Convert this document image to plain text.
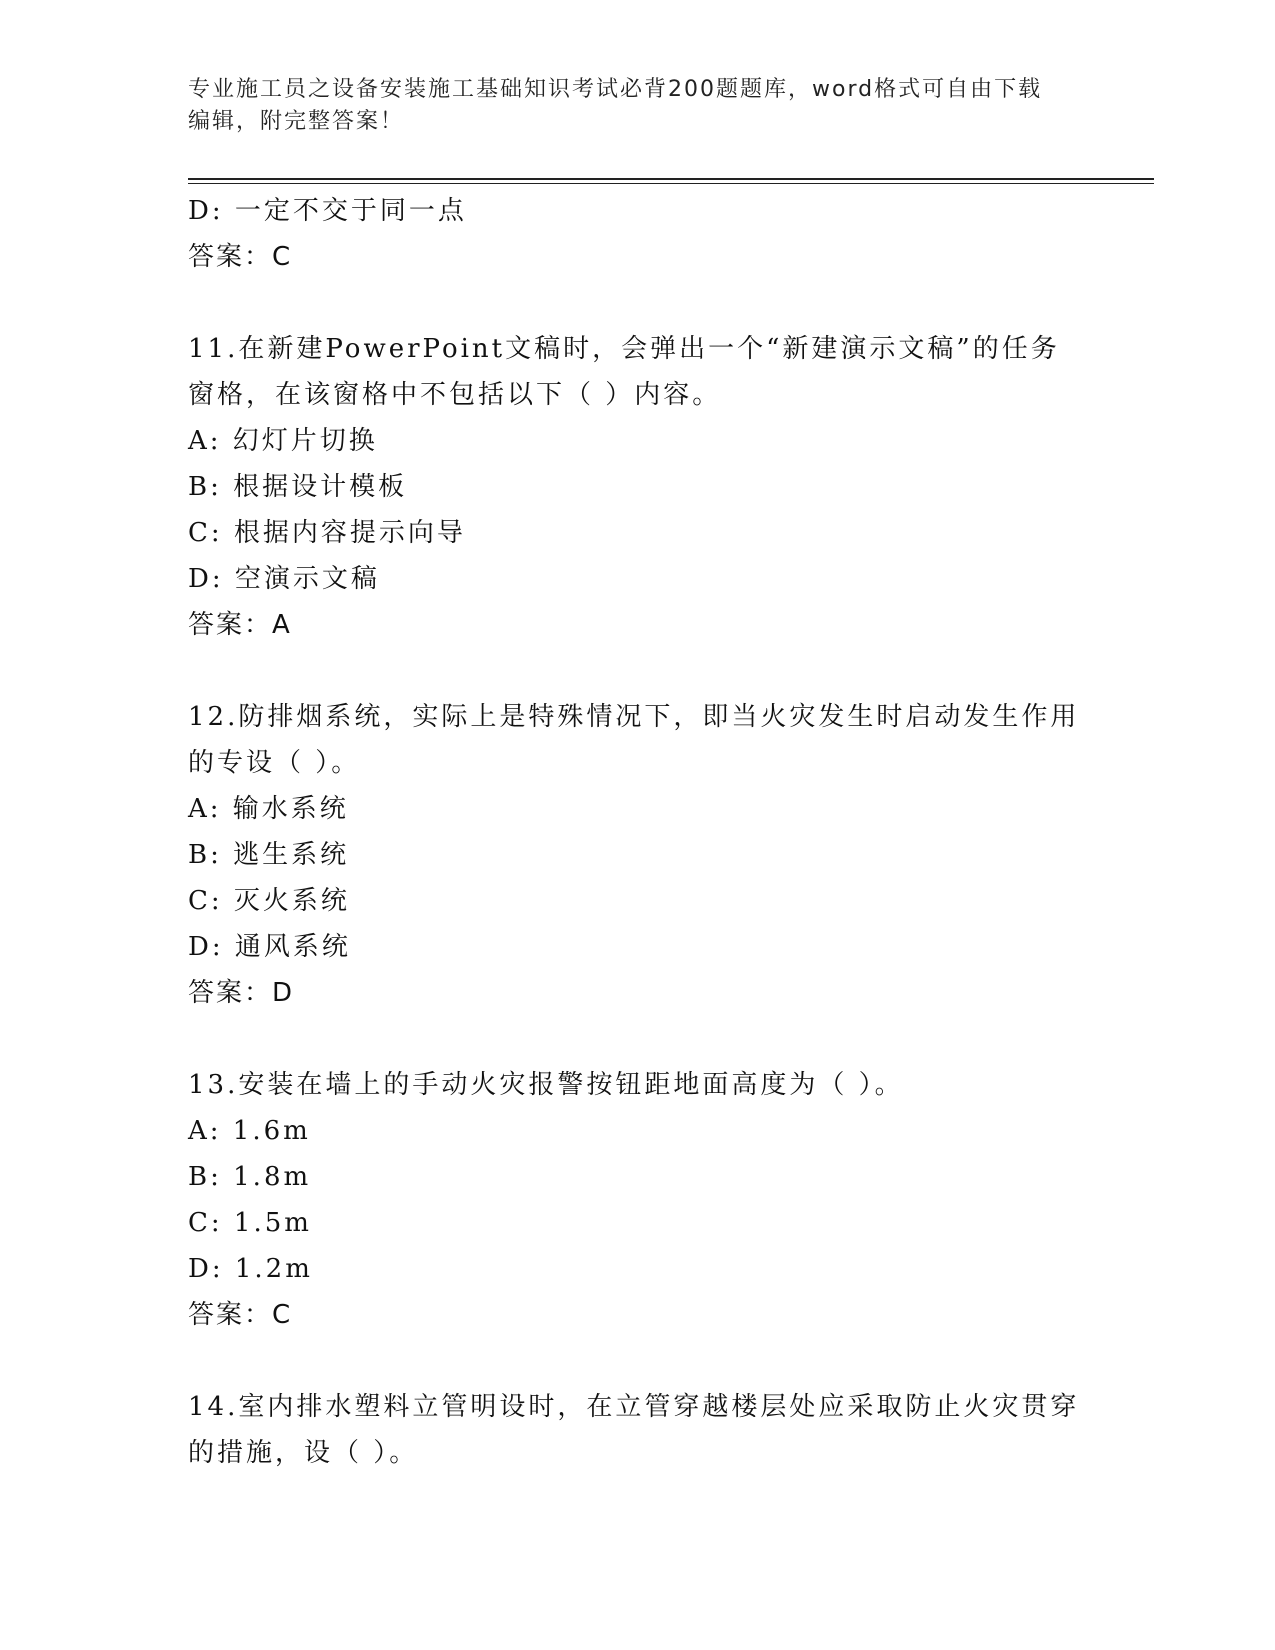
专业施工员之设备安装施工基础知识考试必背200题题库，word格式可自由下载
编辑，附完整答案！
D: 一定不交于同一点
答案：C
11.在新建PowerPoint文稿时，会弹出一个“新建演示文稿”的任务
窗格，在该窗格中不包括以下（ ）内容。
A: 幻灯片切换
B: 根据设计模板
C: 根据内容提示向导
D: 空演示文稿
答案：A
12.防排烟系统，实际上是特殊情况下，即当火灾发生时启动发生作用
的专设（ ）。
A: 输水系统
B: 逃生系统
C: 灭火系统
D: 通风系统
答案：D
13.安装在墙上的手动火灾报警按钮距地面高度为（ ）。
A: 1.6m
B: 1.8m
C: 1.5m
D: 1.2m
答案：C
14.室内排水塑料立管明设时，在立管穿越楼层处应采取防止火灾贯穿
的措施，设（ ）。
